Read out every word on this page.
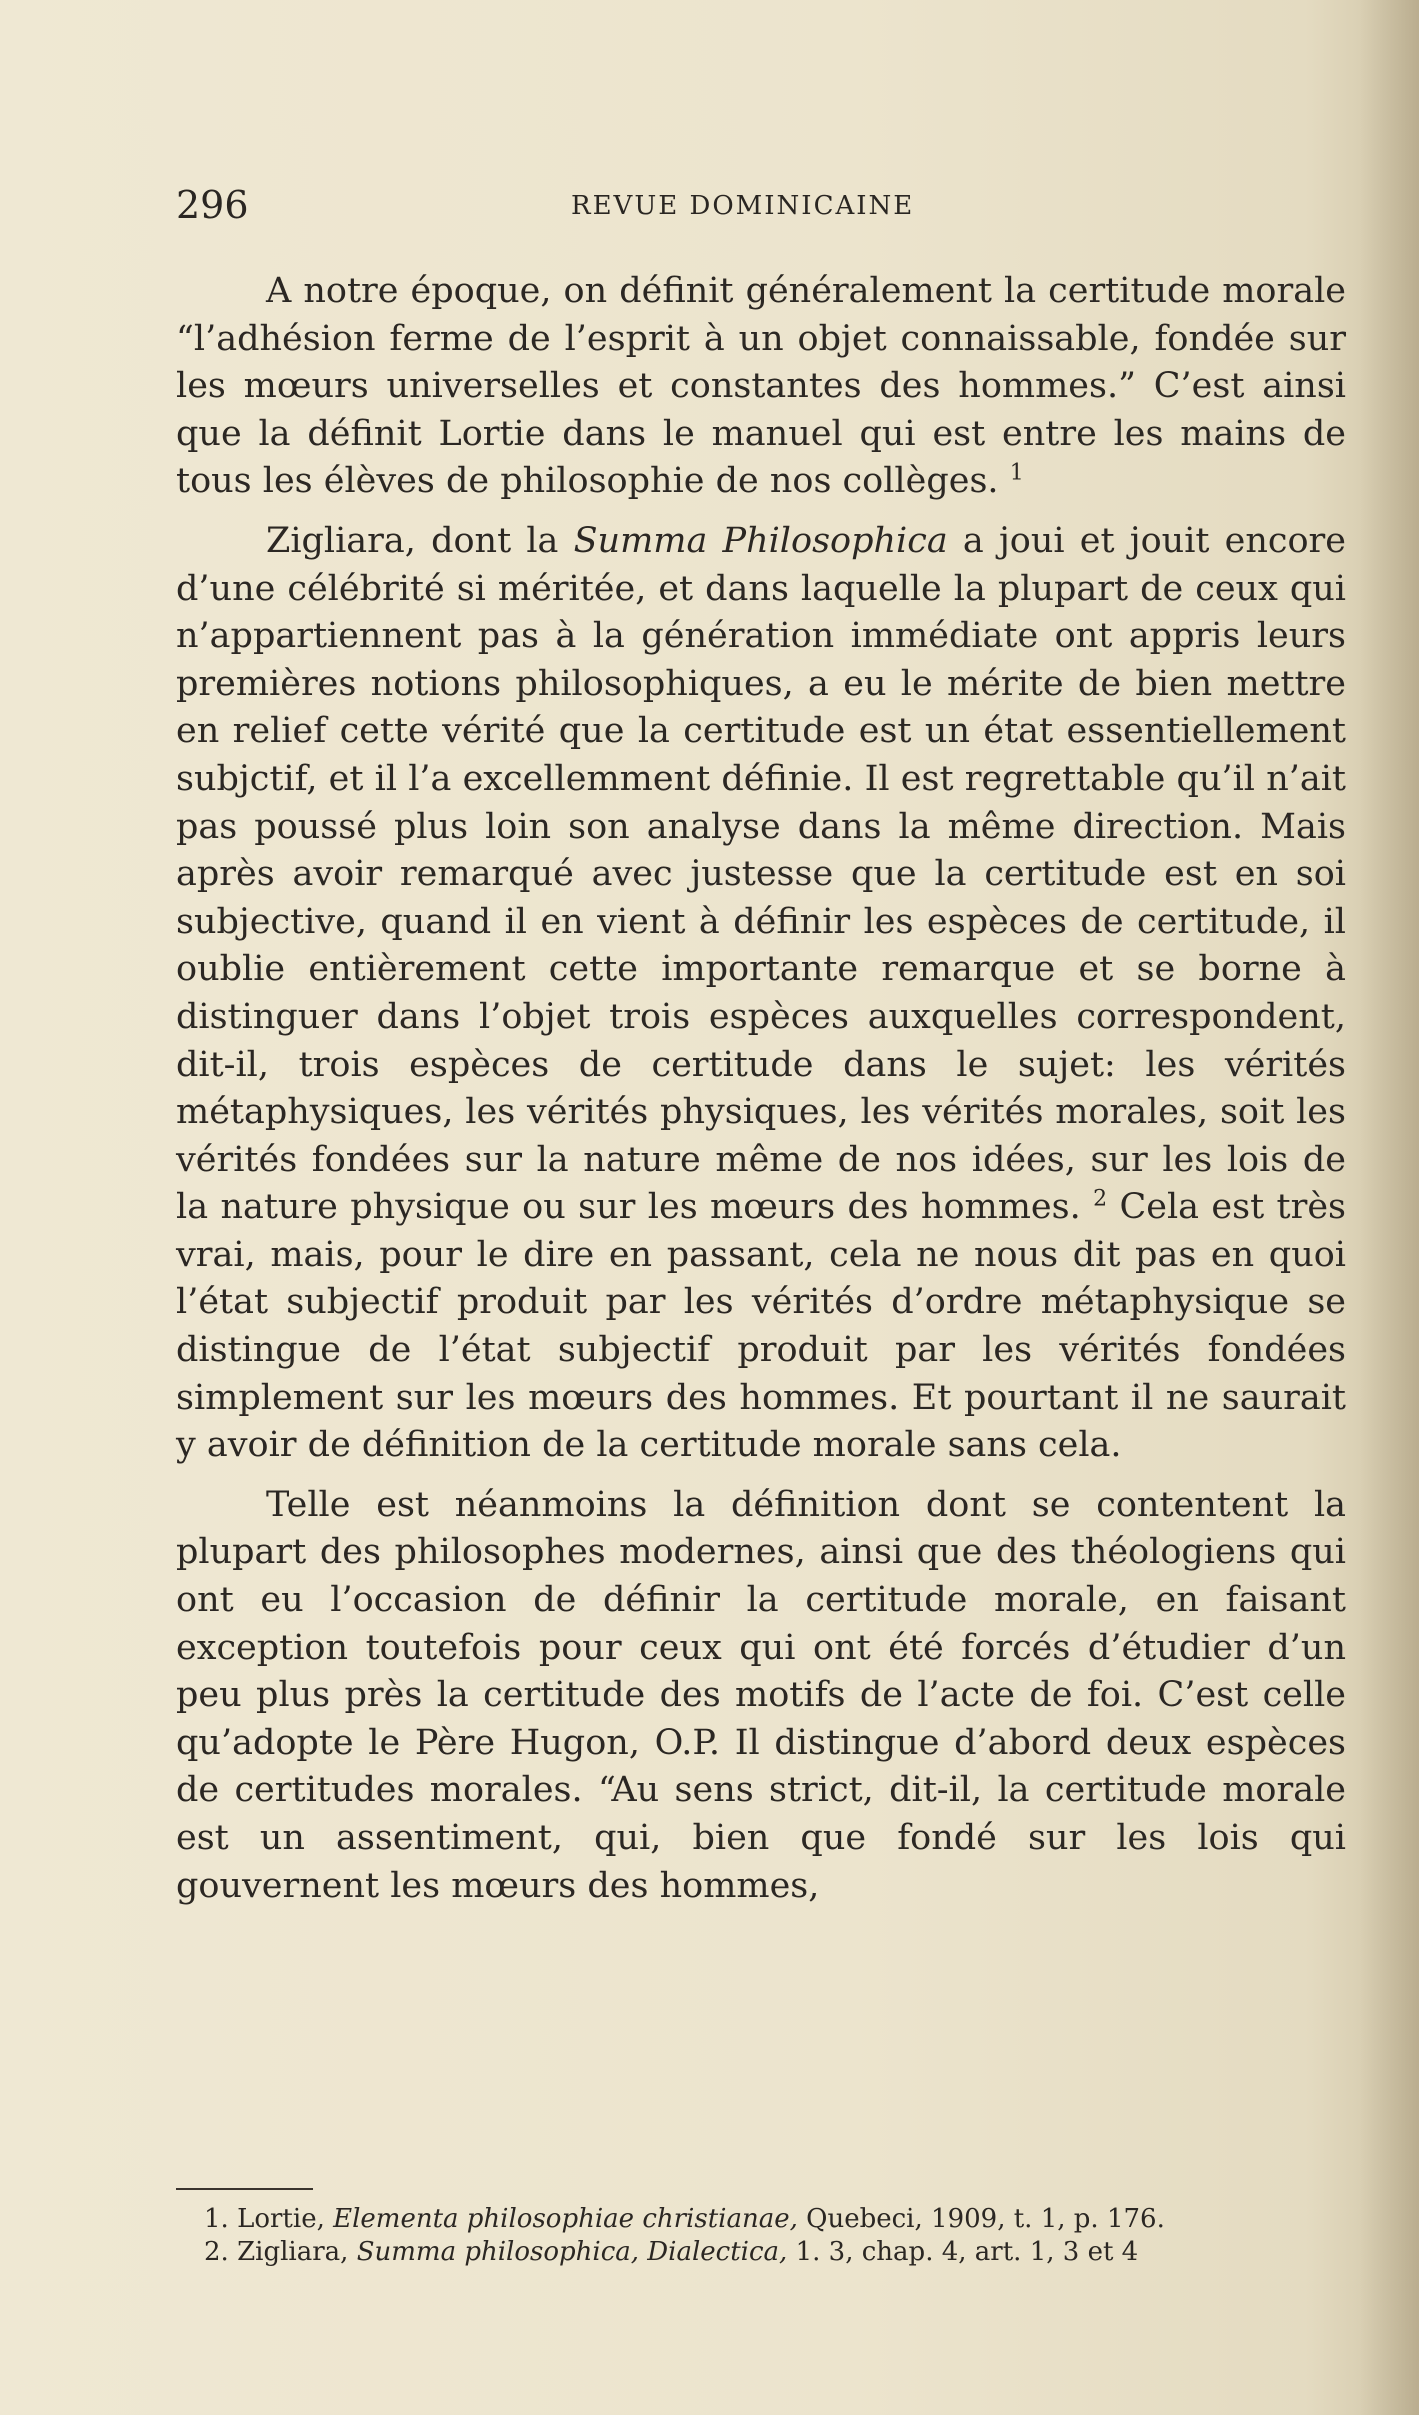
296	REVUE DOMINICAINE

A notre époque, on définit généralement la certitude morale “l’adhésion ferme de l’esprit à un objet connaissable, fondée sur les mœurs universelles et constantes des hommes.” C’est ainsi que la définit Lortie dans le manuel qui est entre les mains de tous les élèves de philosophie de nos collèges. $^1$

Zigliara, dont la Summa Philosophica a joui et jouit encore d’une célébrité si méritée, et dans laquelle la plupart de ceux qui n’appartiennent pas à la génération immédiate ont appris leurs premières notions philosophiques, a eu le mérite de bien mettre en relief cette vérité que la certitude est un état essentiellement subjctif, et il l’a excellemment définie. Il est regrettable qu’il n’ait pas poussé plus loin son analyse dans la même direction. Mais après avoir remarqué avec justesse que la certitude est en soi subjective, quand il en vient à définir les espèces de certitude, il oublie entièrement cette importante remarque et se borne à distinguer dans l’objet trois espèces auxquelles correspondent, dit-il, trois espèces de certitude dans le sujet: les vérités métaphysiques, les vérités physiques, les vérités morales, soit les vérités fondées sur la nature même de nos idées, sur les lois de la nature physique ou sur les mœurs des hommes. $^2$ Cela est très vrai, mais, pour le dire en passant, cela ne nous dit pas en quoi l’état subjectif produit par les vérités d’ordre métaphysique se distingue de l’état subjectif produit par les vérités fondées simplement sur les mœurs des hommes. Et pourtant il ne saurait y avoir de définition de la certitude morale sans cela.

Telle est néanmoins la définition dont se contentent la plupart des philosophes modernes, ainsi que des théologiens qui ont eu l’occasion de définir la certitude morale, en faisant exception toutefois pour ceux qui ont été forcés d’étudier d’un peu plus près la certitude des motifs de l’acte de foi. C’est celle qu’adopte le Père Hugon, O.P. Il distingue d’abord deux espèces de certitudes morales. “Au sens strict, dit-il, la certitude morale est un assentiment, qui, bien que fondé sur les lois qui gouvernent les mœurs des hommes,

1. Lortie, Elementa philosophiae christianae, Quebeci, 1909, t. 1, p. 176.

2. Zigliara, Summa philosophica, Dialectica, 1. 3, chap. 4, art. 1, 3 et 4
